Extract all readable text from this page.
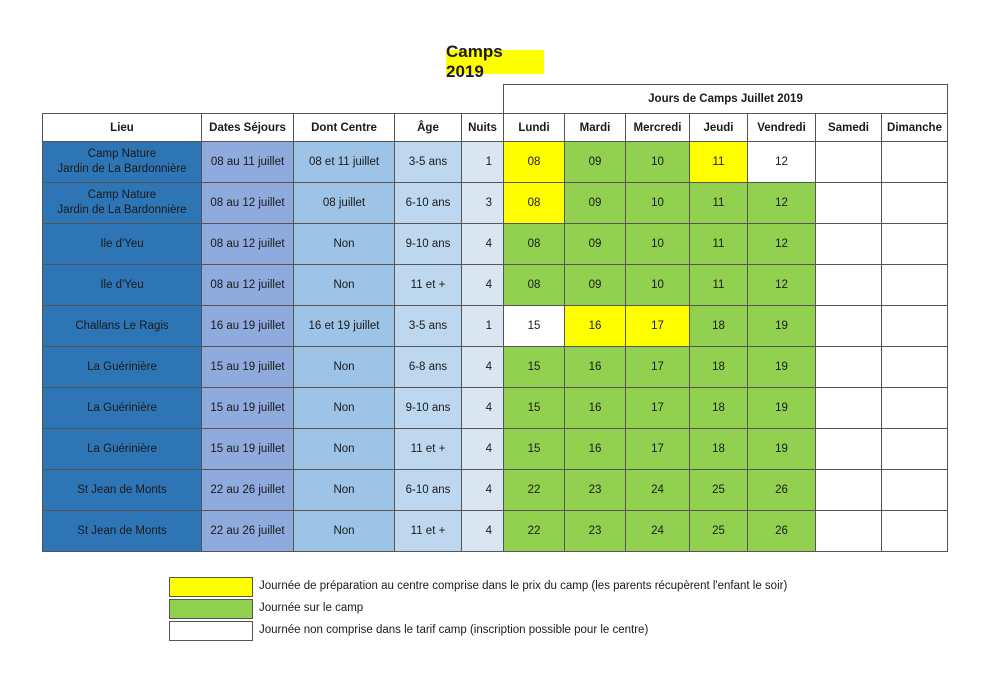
Camps 2019
					Jours de Camps Juillet 2019						
Lieu	Dates Séjours	Dont Centre	Âge	Nuits	Lundi	Mardi	Mercredi	Jeudi	Vendredi	Samedi	Dimanche
Camp Nature
Jardin de La Bardonnière	08 au 11 juillet	08 et 11 juillet	3-5 ans	1	08	09	10	11	12		
Camp Nature
Jardin de La Bardonnière	08 au 12 juillet	08 juillet	6-10 ans	3	08	09	10	11	12		
Ile d'Yeu	08 au 12 juillet	Non	9-10 ans	4	08	09	10	11	12		
Ile d'Yeu	08 au 12 juillet	Non	11 et +	4	08	09	10	11	12		
Challans Le Ragis	16 au 19 juillet	16 et 19 juillet	3-5 ans	1	15	16	17	18	19		
La Guérinière	15 au 19 juillet	Non	6-8 ans	4	15	16	17	18	19		
La Guérinière	15 au 19 juillet	Non	9-10 ans	4	15	16	17	18	19		
La Guérinière	15 au 19 juillet	Non	11 et +	4	15	16	17	18	19		
St Jean de Monts	22 au 26 juillet	Non	6-10 ans	4	22	23	24	25	26		
St Jean de Monts	22 au 26 juillet	Non	11 et +	4	22	23	24	25	26		
Journée de préparation au centre comprise dans le prix du camp (les parents récupèrent l'enfant le soir)
Journée sur le camp
Journée non comprise dans le tarif camp (inscription possible pour le centre)
